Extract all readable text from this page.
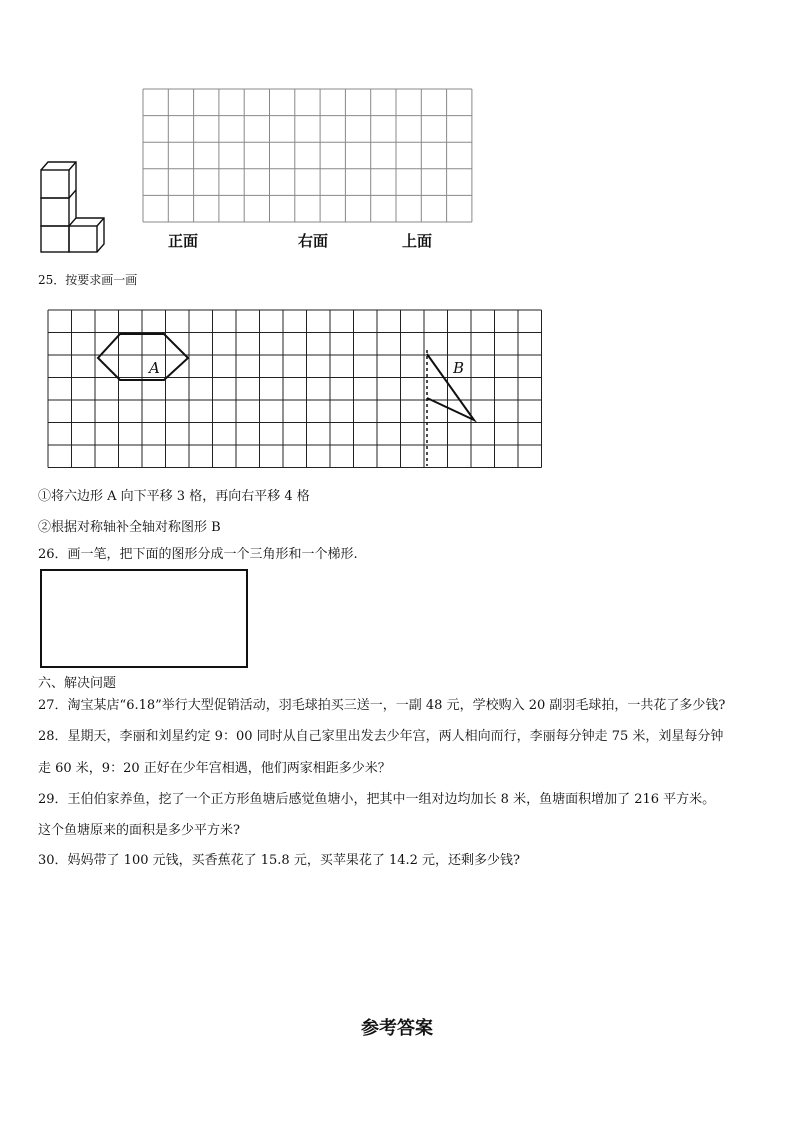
正面	右面	上面
25．按要求画一画
A	B
①将六边形 A 向下平移 3 格，再向右平移 4 格
②根据对称轴补全轴对称图形 B
26．画一笔，把下面的图形分成一个三角形和一个梯形.
六、解决问题
27．淘宝某店“6.18”举行大型促销活动，羽毛球拍买三送一，一副 48 元，学校购入 20 副羽毛球拍，一共花了多少钱?
28．星期天，李丽和刘星约定 9：00 同时从自己家里出发去少年宫，两人相向而行，李丽每分钟走 75 米，刘星每分钟
走 60 米，9：20 正好在少年宫相遇，他们两家相距多少米？
29．王伯伯家养鱼，挖了一个正方形鱼塘后感觉鱼塘小，把其中一组对边均加长 8 米，鱼塘面积增加了 216 平方米。
这个鱼塘原来的面积是多少平方米?
30．妈妈带了 100 元钱，买香蕉花了 15.8 元，买苹果花了 14.2 元，还剩多少钱?
参考答案
